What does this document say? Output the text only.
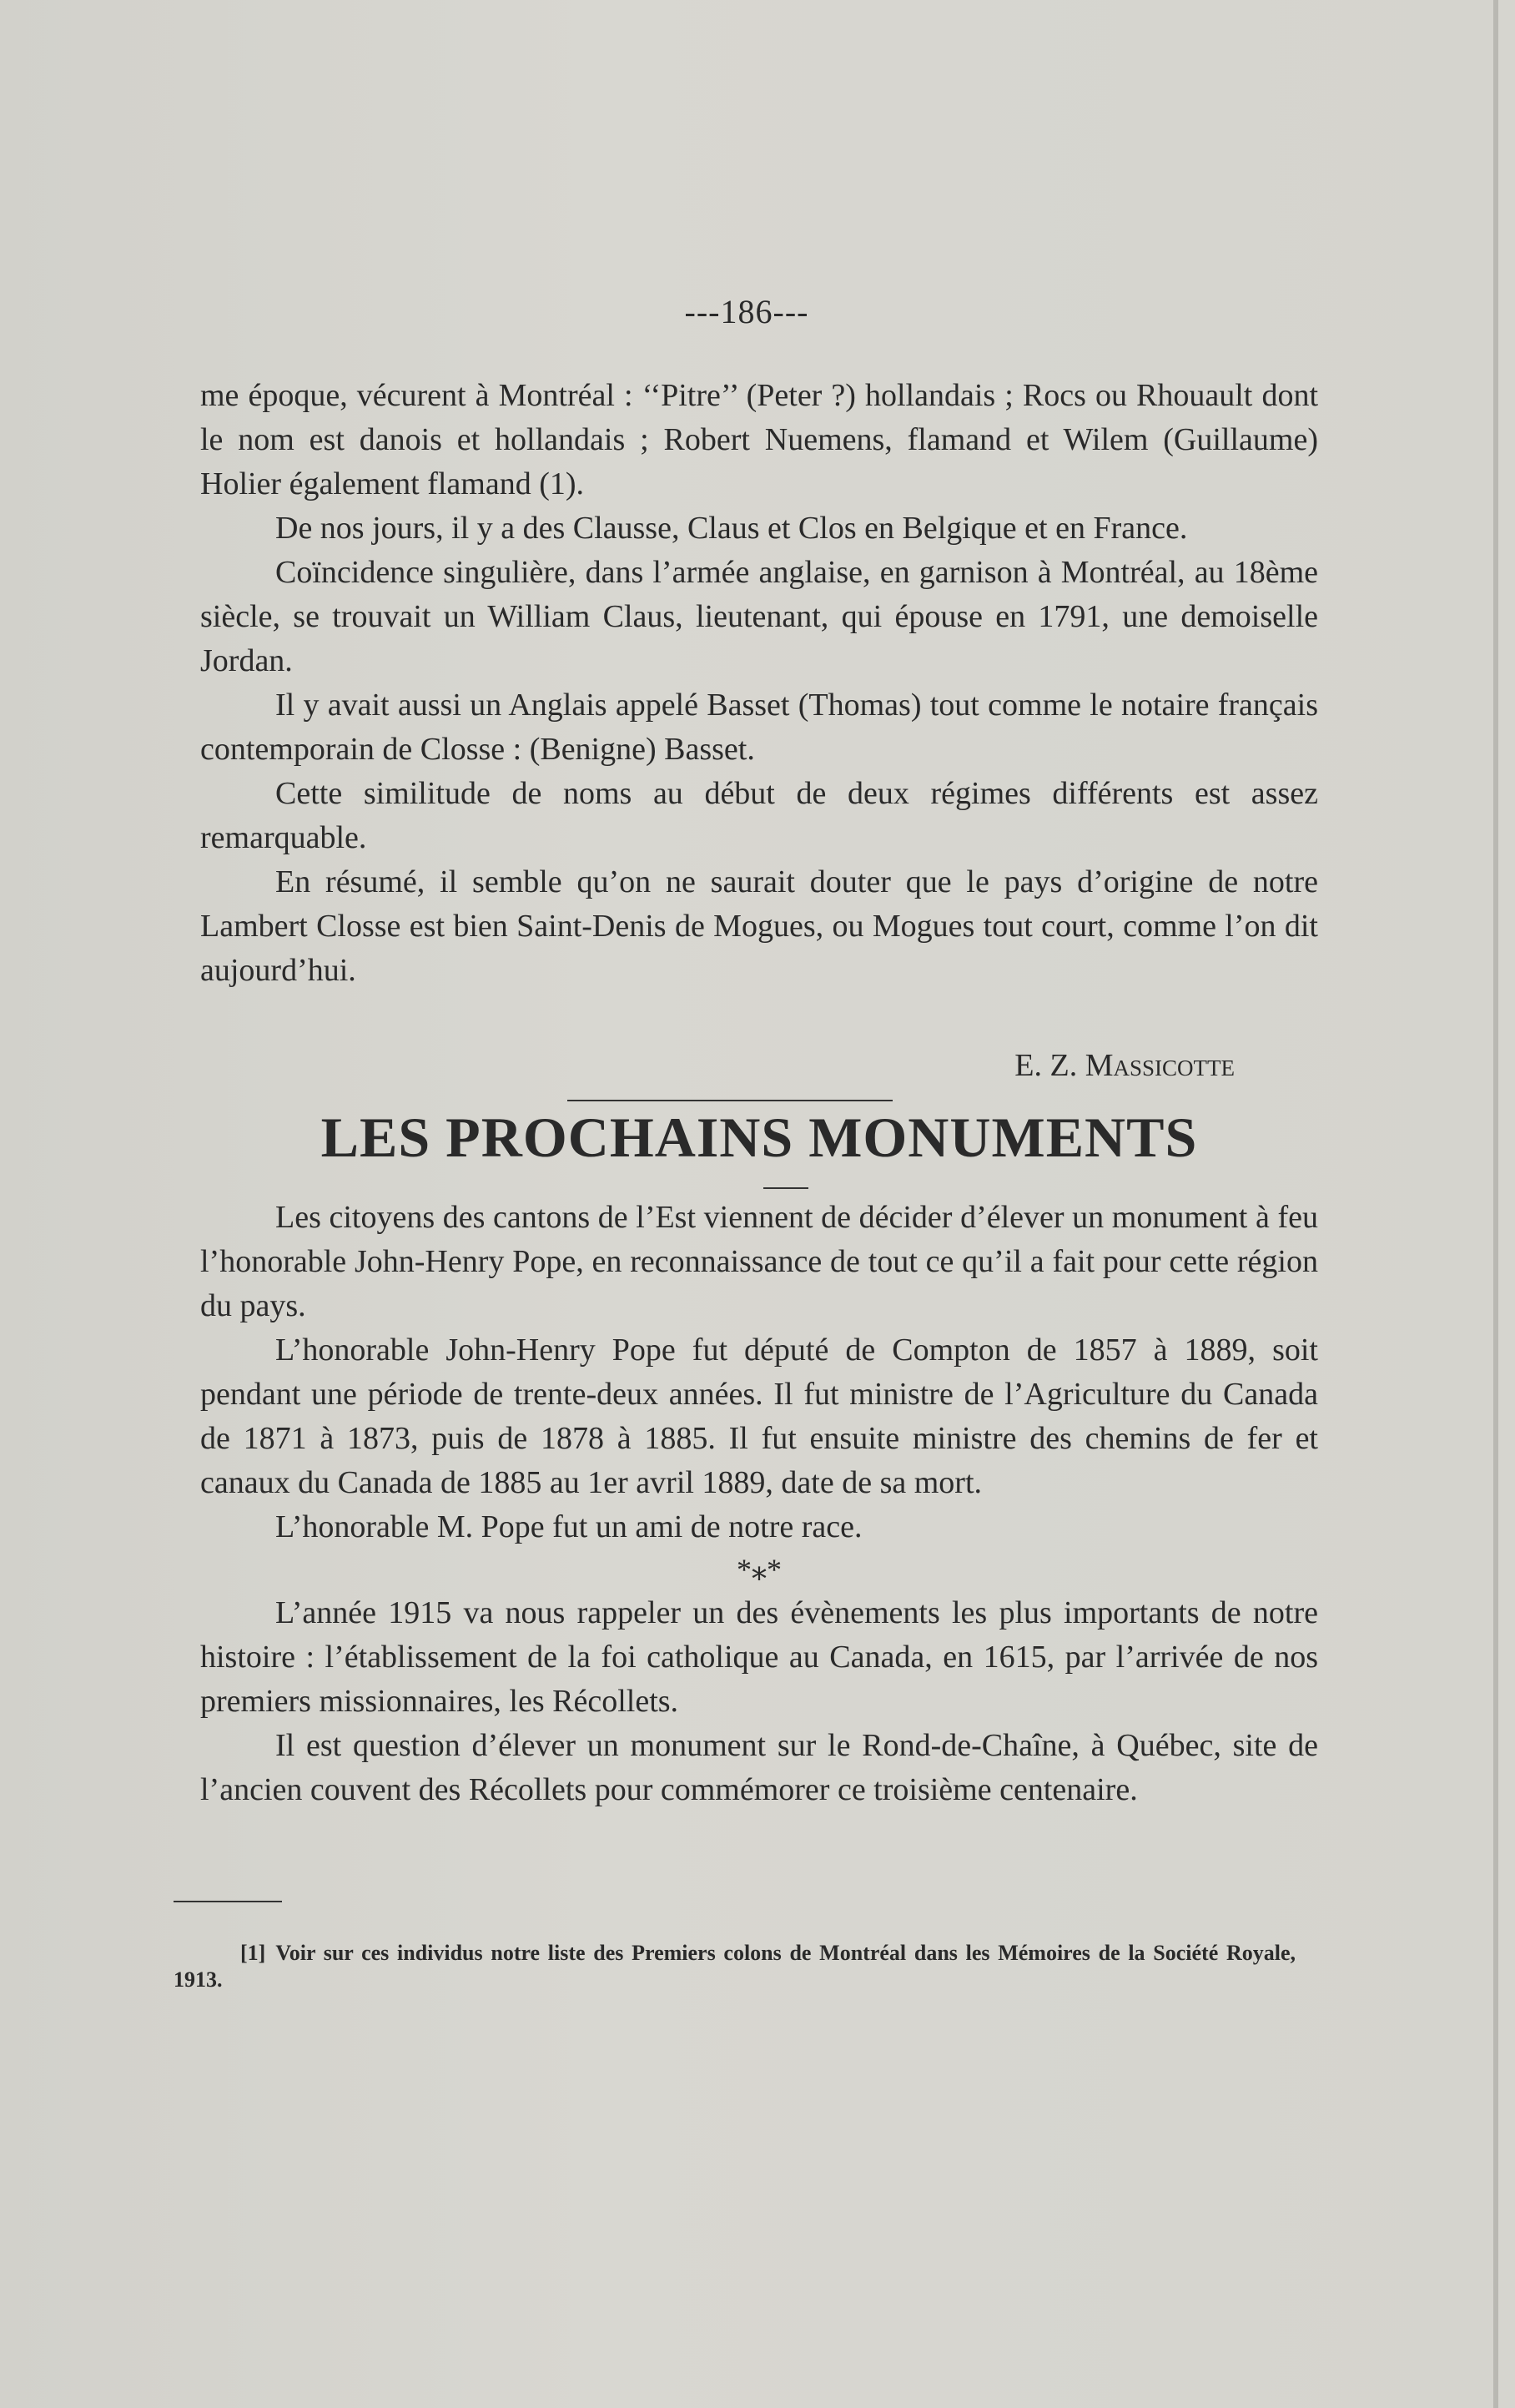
---186---

me époque, vécurent à Montréal : ‘‘Pitre’’ (Peter ?) hollandais ; Rocs ou Rhouault dont le nom est danois et hollandais ; Robert Nuemens, flamand et Wilem (Guillaume) Holier également flamand (1).

De nos jours, il y a des Clausse, Claus et Clos en Belgique et en France.

Coïncidence singulière, dans l’armée anglaise, en garnison à Montréal, au 18ème siècle, se trouvait un William Claus, lieutenant, qui épouse en 1791, une demoiselle Jordan.

Il y avait aussi un Anglais appelé Basset (Thomas) tout comme le notaire français contemporain de Closse : (Benigne) Basset.

Cette similitude de noms au début de deux régimes différents est assez remarquable.

En résumé, il semble qu’on ne saurait douter que le pays d’origine de notre Lambert Closse est bien Saint-Denis de Mogues, ou Mogues tout court, comme l’on dit aujourd’hui.

E. Z. Massicotte
LES PROCHAINS MONUMENTS

Les citoyens des cantons de l’Est viennent de décider d’élever un monument à feu l’honorable John-Henry Pope, en reconnaissance de tout ce qu’il a fait pour cette région du pays.

L’honorable John-Henry Pope fut député de Compton de 1857 à 1889, soit pendant une période de trente-deux années. Il fut ministre de l’Agriculture du Canada de 1871 à 1873, puis de 1878 à 1885. Il fut ensuite ministre des chemins de fer et canaux du Canada de 1885 au 1er avril 1889, date de sa mort.

L’honorable M. Pope fut un ami de notre race.

*⁎*

L’année 1915 va nous rappeler un des évènements les plus importants de notre histoire : l’établissement de la foi catholique au Canada, en 1615, par l’arrivée de nos premiers missionnaires, les Récollets.

Il est question d’élever un monument sur le Rond-de-Chaîne, à Québec, site de l’ancien couvent des Récollets pour commémorer ce troisième centenaire.

[1] Voir sur ces individus notre liste des Premiers colons de Montréal dans les Mémoires de la Société Royale, 1913.
